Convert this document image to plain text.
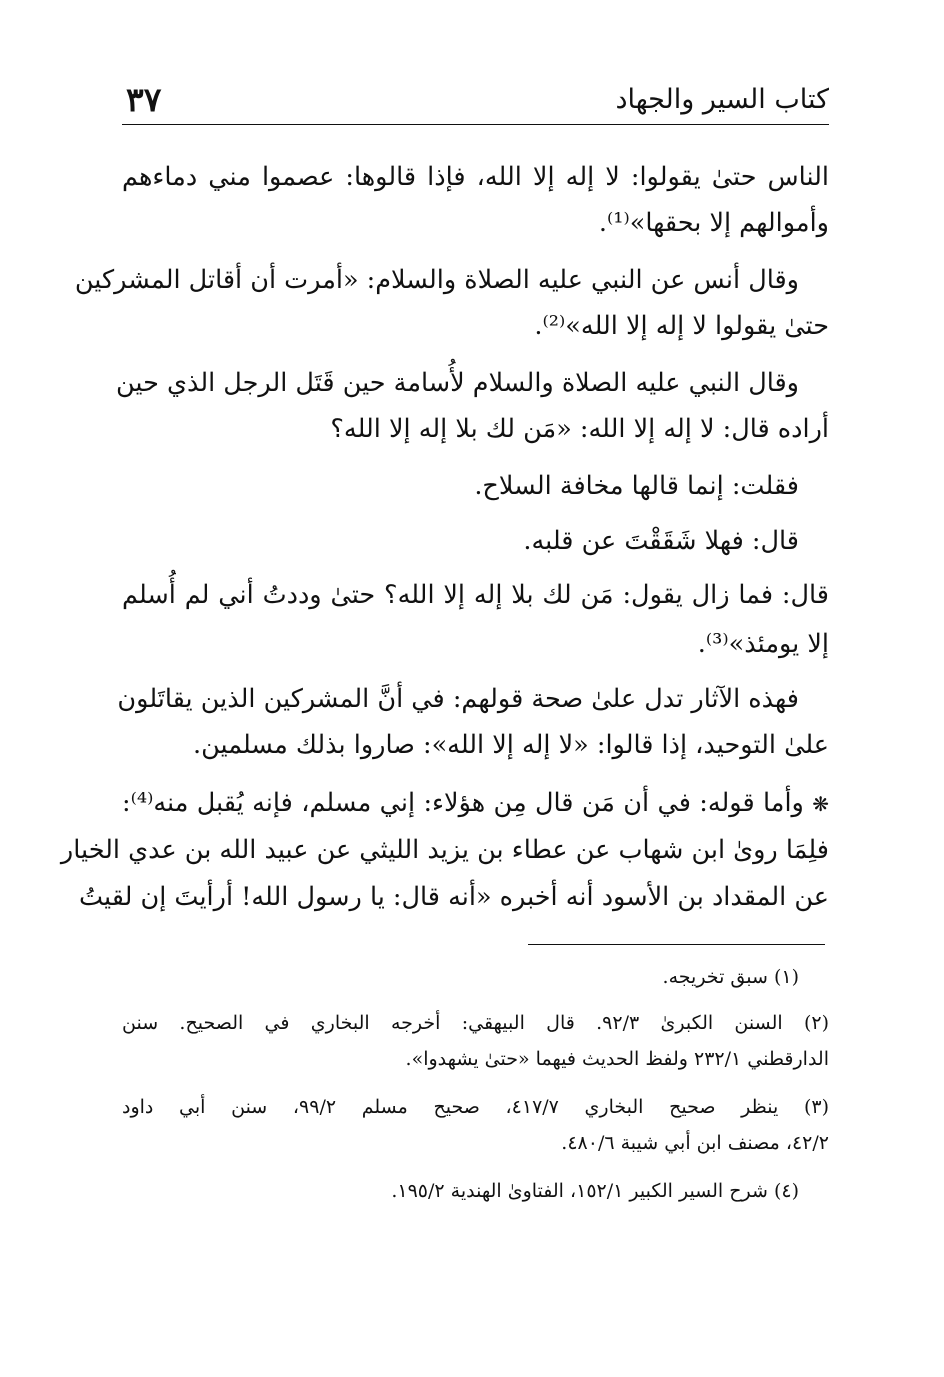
كتاب السير والجهاد
٣٧
الناس حتىٰ يقولوا: لا إله إلا الله، فإذا قالوها: عصموا مني دماءهم
وأموالهم إلا بحقها»⁽¹⁾.
وقال أنس عن النبي عليه الصلاة والسلام: «أمرت أن أقاتل المشركين
حتىٰ يقولوا لا إله إلا الله»⁽²⁾.
وقال النبي عليه الصلاة والسلام لأُسامة حين قَتَل الرجل الذي حين
أراده قال: لا إله إلا الله: «مَن لك بلا إله إلا الله؟
فقلت: إنما قالها مخافة السلاح.
قال: فهلا شَقَقْتَ عن قلبه.
قال: فما زال يقول: مَن لك بلا إله إلا الله؟ حتىٰ وددتُ أني لم أُسلم
إلا يومئذ»⁽³⁾.
فهذه الآثار تدل علىٰ صحة قولهم: في أنَّ المشركين الذين يقاتَلون
علىٰ التوحيد، إذا قالوا: «لا إله إلا الله»: صاروا بذلك مسلمين.
❋ وأما قوله: في أن مَن قال مِن هؤلاء: إني مسلم، فإنه يُقبل منه⁽⁴⁾:
فلِمَا روىٰ ابن شهاب عن عطاء بن يزيد الليثي عن عبيد الله بن عدي الخيار
عن المقداد بن الأسود أنه أخبره «أنه قال: يا رسول الله! أرأيتَ إن لقيتُ
(١) سبق تخريجه.
(٢) السنن الكبرىٰ ٩٢/٣. قال البيهقي: أخرجه البخاري في الصحيح. سنن
الدارقطني ٢٣٢/١ ولفظ الحديث فيهما «حتىٰ يشهدوا».
(٣) ينظر صحيح البخاري ٤١٧/٧، صحيح مسلم ٩٩/٢، سنن أبي داود
٤٢/٢، مصنف ابن أبي شيبة ٤٨٠/٦.
(٤) شرح السير الكبير ١٥٢/١، الفتاوىٰ الهندية ١٩٥/٢.
